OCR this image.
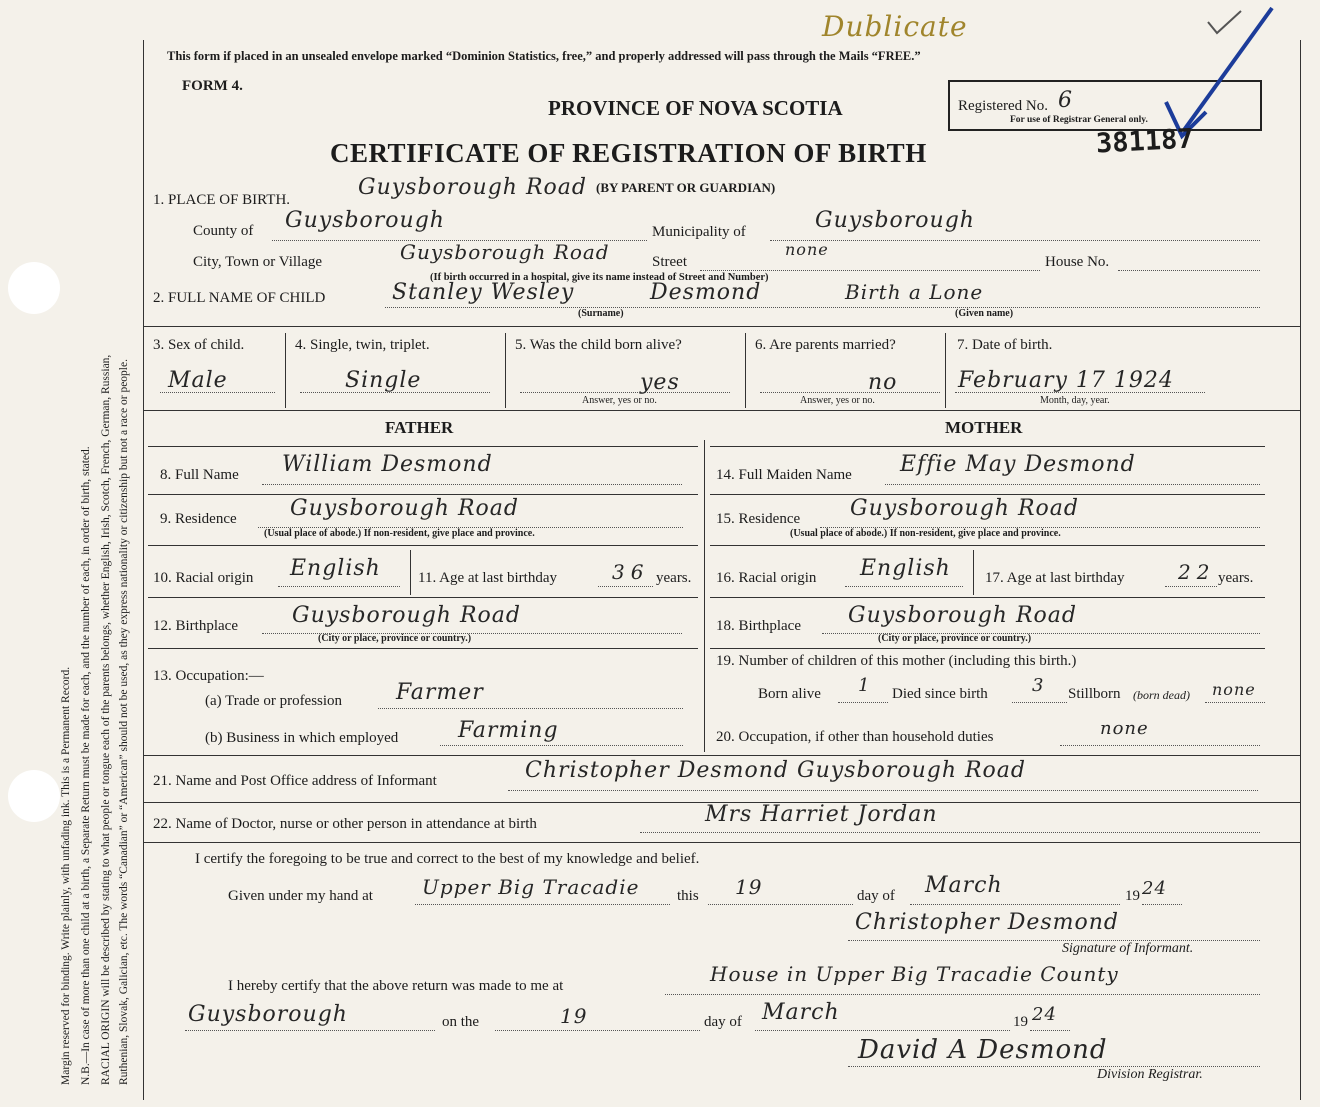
Margin reserved for binding. Write plainly, with unfading ink. This is a Permanent Record. N.B.—In case of more than one child at a birth, a Separate Return must be made for each, and the number of each, in order of birth, stated. RACIAL ORIGIN will be described by stating to what people or tongue each of the parents belongs, whether English, Irish, Scotch, French, German, Russian, Ruthenian, Slovak, Galician, etc. The words “Canadian” or “American” should not be used, as they express nationality or citizenship but not a race or people.
This form if placed in an unsealed envelope marked “Dominion Statistics, free,” and properly addressed will pass through the Mails “FREE.”
Dublicate
FORM 4.
PROVINCE OF NOVA SCOTIA	Registered No. 6
For use of Registrar General only.
CERTIFICATE OF REGISTRATION OF BIRTH	381187
1. PLACE OF BIRTH.	Guysborough Road (BY PARENT OR GUARDIAN)
County of Guysborough	Municipality of	Guysborough
City, Town or Village	Guysborough Road	Street
none
House No.
(If birth occurred in a hospital, give its name instead of Street and Number)
2. FULL NAME OF CHILD	Stanley Wesley	Desmond	Birth a Lone
(Surname)	(Given name)
3. Sex of child.
Male
4. Single, twin, triplet.
Single
5. Was the child born alive?
yes
Answer, yes or no.
6. Are parents married?
no
Answer, yes or no.
7. Date of birth.
February 17 1924
Month, day, year.
FATHER	MOTHER
8. Full Name William Desmond
9. Residence Guysborough Road
(Usual place of abode.) If non-resident, give place and province.
10. Racial origin English 11. Age at last birthday	36 years.
12. Birthplace Guysborough Road
(City or place, province or country.)
13. Occupation:—
(a) Trade or profession Farmer
(b) Business in which employed	Farming
14. Full Maiden Name Effie May Desmond
15. Residence Guysborough Road
(Usual place of abode.) If non-resident, give place and province.
16. Racial origin English 17. Age at last birthday	22 years.
18. Birthplace Guysborough Road
(City or place, province or country.)
19. Number of children of this mother (including this birth.)
Born alive 1 Died since birth 3 Stillborn (born dead) none
20. Occupation, if other than household duties	none
21. Name and Post Office address of Informant	Christopher Desmond Guysborough Road
22. Name of Doctor, nurse or other person in attendance at birth	Mrs Harriet Jordan
I certify the foregoing to be true and correct to the best of my knowledge and belief.
Given under my hand at Upper Big Tracadie	this 19	day of March	19 24
Christopher Desmond
Signature of Informant.
I hereby certify that the above return was made to me at	House in Upper Big Tracadie County
Guysborough	on the	19	day of March	19 24
David A Desmond
Division Registrar.
